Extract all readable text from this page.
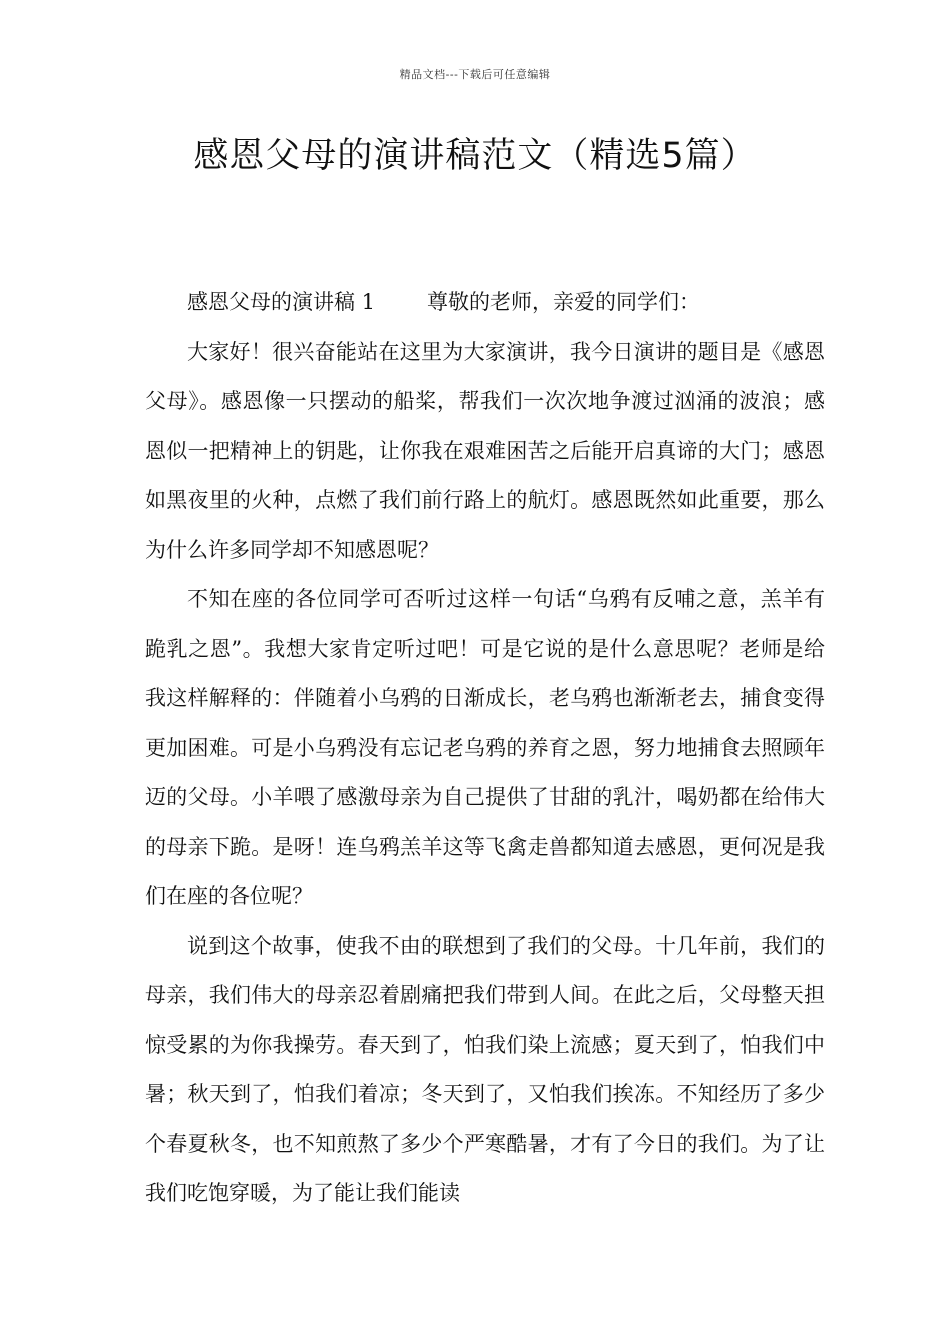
精品文档---下载后可任意编辑
感恩父母的演讲稿范文（精选5篇）
感恩父母的演讲稿 1 尊敬的老师，亲爱的同学们：

大家好！很兴奋能站在这里为大家演讲，我今日演讲的题目是《感恩父母》。感恩像一只摆动的船桨，帮我们一次次地争渡过汹涌的波浪；感恩似一把精神上的钥匙，让你我在艰难困苦之后能开启真谛的大门；感恩如黑夜里的火种，点燃了我们前行路上的航灯。感恩既然如此重要，那么为什么许多同学却不知感恩呢？

不知在座的各位同学可否听过这样一句话“乌鸦有反哺之意，羔羊有跪乳之恩”。我想大家肯定听过吧！可是它说的是什么意思呢？老师是给我这样解释的：伴随着小乌鸦的日渐成长，老乌鸦也渐渐老去，捕食变得更加困难。可是小乌鸦没有忘记老乌鸦的养育之恩，努力地捕食去照顾年迈的父母。小羊喂了感激母亲为自己提供了甘甜的乳汁，喝奶都在给伟大的母亲下跪。是呀！连乌鸦羔羊这等飞禽走兽都知道去感恩，更何况是我们在座的各位呢？

说到这个故事，使我不由的联想到了我们的父母。十几年前，我们的母亲，我们伟大的母亲忍着剧痛把我们带到人间。在此之后，父母整天担惊受累的为你我操劳。春天到了，怕我们染上流感；夏天到了，怕我们中暑；秋天到了，怕我们着凉；冬天到了，又怕我们挨冻。不知经历了多少个春夏秋冬，也不知煎熬了多少个严寒酷暑，才有了今日的我们。为了让我们吃饱穿暖，为了能让我们能读
